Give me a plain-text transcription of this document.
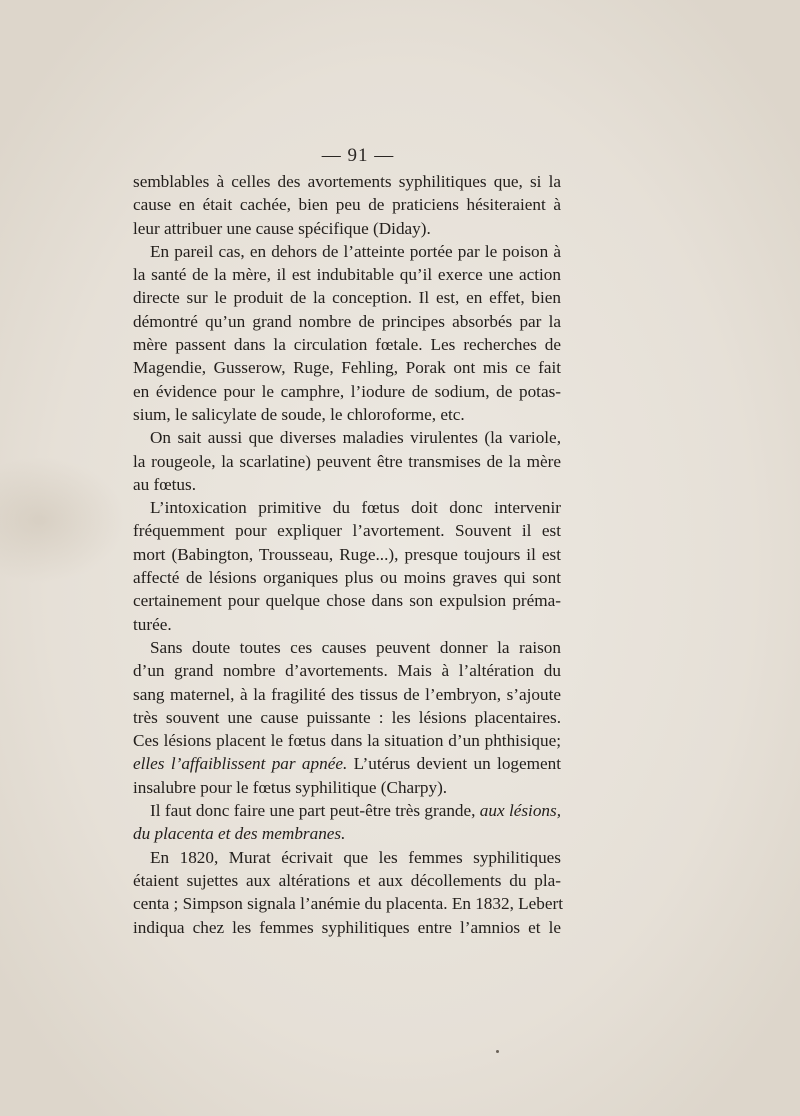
— 91 —
semblables à celles des avortements syphilitiques que, si la
cause en était cachée, bien peu de praticiens hésiteraient à
leur attribuer une cause spécifique (Diday).
En pareil cas, en dehors de l’atteinte portée par le poison à
la santé de la mère, il est indubitable qu’il exerce une action
directe sur le produit de la conception. Il est, en effet, bien
démontré qu’un grand nombre de principes absorbés par la
mère passent dans la circulation fœtale. Les recherches de
Magendie, Gusserow, Ruge, Fehling, Porak ont mis ce fait
en évidence pour le camphre, l’iodure de sodium, de potas-
sium, le salicylate de soude, le chloroforme, etc.
On sait aussi que diverses maladies virulentes (la variole,
la rougeole, la scarlatine) peuvent être transmises de la mère
au fœtus.
L’intoxication primitive du fœtus doit donc intervenir
fréquemment pour expliquer l’avortement. Souvent il est
mort (Babington, Trousseau, Ruge...), presque toujours il est
affecté de lésions organiques plus ou moins graves qui sont
certainement pour quelque chose dans son expulsion préma-
turée.
Sans doute toutes ces causes peuvent donner la raison
d’un grand nombre d’avortements. Mais à l’altération du
sang maternel, à la fragilité des tissus de l’embryon, s’ajoute
très souvent une cause puissante : les lésions placentaires.
Ces lésions placent le fœtus dans la situation d’un phthisique;
elles l’affaiblissent par apnée. L’utérus devient un logement
insalubre pour le fœtus syphilitique (Charpy).
Il faut donc faire une part peut-être très grande, aux lésions,
du placenta et des membranes.
En 1820, Murat écrivait que les femmes syphilitiques
étaient sujettes aux altérations et aux décollements du pla-
centa ; Simpson signala l’anémie du placenta. En 1832, Lebert
indiqua chez les femmes syphilitiques entre l’amnios et le
